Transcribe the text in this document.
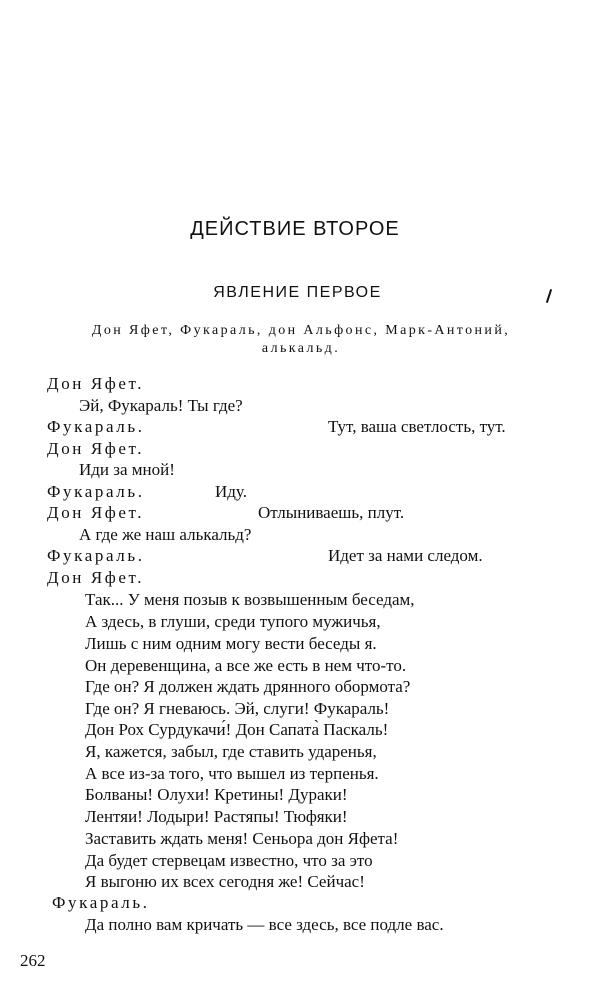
ДЕЙСТВИЕ ВТОРОЕ
ЯВЛЕНИЕ ПЕРВОЕ
Дон Яфет, Фукараль, дон Альфонс, Марк-Антоний,
алькальд.
Дон Яфет.
Эй, Фукараль! Ты где?
Фукараль.	Тут, ваша светлость, тут.
Дон Яфет.
Иди за мной!
Фукараль.	Иду.
Дон Яфет.	Отлыниваешь, плут.
А где же наш алькальд?
Фукараль.	Идет за нами следом.
Дон Яфет.
Так... У меня позыв к возвышенным беседам,
А здесь, в глуши, среди тупого мужичья,
Лишь с ним одним могу вести беседы я.
Он деревенщина, а все же есть в нем что-то.
Где он? Я должен ждать дрянного обормота?
Где он? Я гневаюсь. Эй, слуги! Фукараль!
Дон Рох Сурдукачи́! Дон Сапата̀ Паскаль!
Я, кажется, забыл, где ставить ударенья,
А все из-за того, что вышел из терпенья.
Болваны! Олухи! Кретины! Дураки!
Лентяи! Лодыри! Растяпы! Тюфяки!
Заставить ждать меня! Сеньора дон Яфета!
Да будет стервецам известно, что за это
Я выгоню их всех сегодня же! Сейчас!
Фукараль.
Да полно вам кричать — все здесь, все подле вас.
262
